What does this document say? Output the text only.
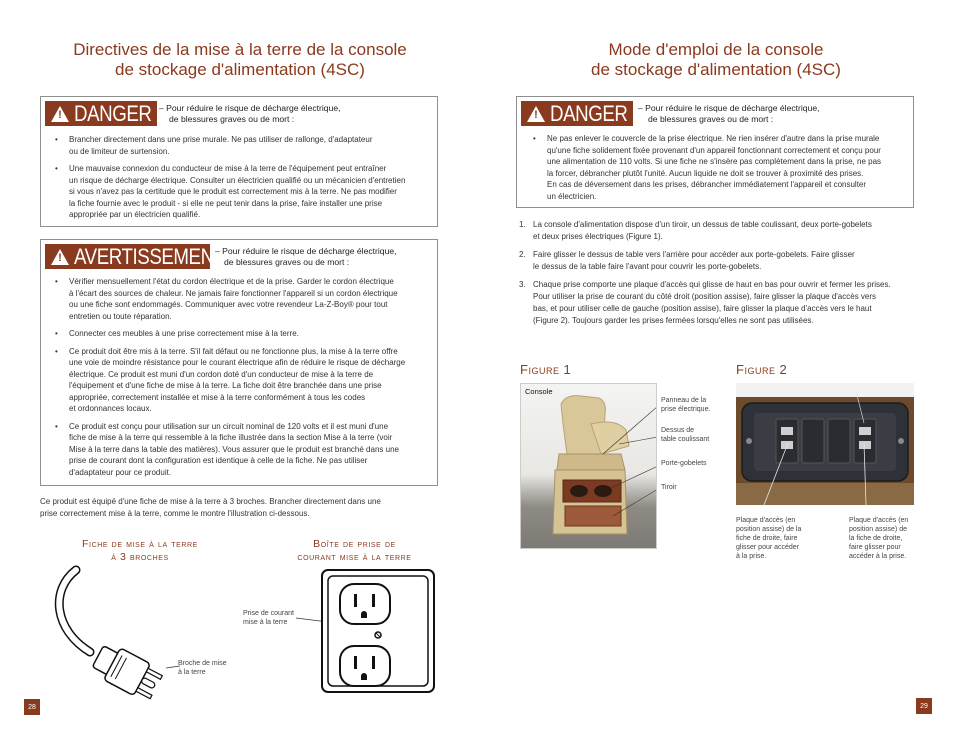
Directives de la mise à la terre de la console
de stockage d'alimentation (4SC)
! DANGER – Pour réduire le risque de décharge électrique,
de blessures graves ou de mort :
• Brancher directement dans une prise murale. Ne pas utiliser de rallonge, d'adaptateur
ou de limiteur de surtension.
• Une mauvaise connexion du conducteur de mise à la terre de l'équipement peut entraîner
un risque de décharge électrique. Consulter un électricien qualifié ou un mécanicien d'entretien
si vous n'avez pas la certitude que le produit est correctement mis à la terre. Ne pas modifier
la fiche fournie avec le produit - si elle ne peut tenir dans la prise, faire installer une prise
appropriée par un électricien qualifié.
! AVERTISSEMENT
– Pour réduire le risque de décharge électrique,
de blessures graves ou de mort :
• Vérifier mensuellement l'état du cordon électrique et de la prise. Garder le cordon électrique
à l'écart des sources de chaleur. Ne jamais faire fonctionner l'appareil si un cordon électrique
ou une fiche sont endommagés. Communiquer avec votre revendeur La-Z-Boy® pour tout
entretien ou toute réparation.
• Connecter ces meubles à une prise correctement mise à la terre.
• Ce produit doit être mis à la terre. S'il fait défaut ou ne fonctionne plus, la mise à la terre offre
une voie de moindre résistance pour le courant électrique afin de réduire le risque de décharge
électrique. Ce produit est muni d'un cordon doté d'un conducteur de mise à la terre de
l'équipement et d'une fiche de mise à la terre. La fiche doit être branchée dans une prise
appropriée, correctement installée et mise à la terre conformément à tous les codes
et ordonnances locaux.
• Ce produit est conçu pour utilisation sur un circuit nominal de 120 volts et il est muni d'une
fiche de mise à la terre qui ressemble à la fiche illustrée dans la section Mise à la terre (voir
Mise à la terre dans la table des matières). Vous assurer que le produit est branché dans une
prise de courant dont la configuration est identique à celle de la fiche. Ne pas utiliser
d'adaptateur pour ce produit.
Ce produit est équipé d'une fiche de mise à la terre à 3 broches. Brancher directement dans une
prise correctement mise à la terre, comme le montre l'illustration ci-dessous.
Fiche de mise à la terre
à 3 broches
Boîte de prise de
courant mise à la terre
Broche de mise
à la terre
Prise de courant
mise à la terre
28
Mode d'emploi de la console
de stockage d'alimentation (4SC)
! DANGER – Pour réduire le risque de décharge électrique,
de blessures graves ou de mort :
• Ne pas enlever le couvercle de la prise électrique. Ne rien insérer d'autre dans la prise murale
qu'une fiche solidement fixée provenant d'un appareil fonctionnant correctement et conçu pour
une alimentation de 110 volts. Si une fiche ne s'insère pas complètement dans la prise, ne pas
la forcer, débrancher plutôt l'unité. Aucun liquide ne doit se trouver à proximité des prises.
En cas de déversement dans les prises, débrancher immédiatement l'appareil et consulter
un électricien.
1. La console d'alimentation dispose d'un tiroir, un dessus de table coulissant, deux porte-gobelets
et deux prises électriques (Figure 1).
2. Faire glisser le dessus de table vers l'arrière pour accéder aux porte-gobelets. Faire glisser
le dessus de la table faire l'avant pour couvrir les porte-gobelets.
3. Chaque prise comporte une plaque d'accès qui glisse de haut en bas pour ouvrir et fermer les prises.
Pour utiliser la prise de courant du côté droit (position assise), faire glisser la plaque d'accès vers
bas, et pour utiliser celle de gauche (position assise), faire glisser la plaque d'accès vers le haut
(Figure 2). Toujours garder les prises fermées lorsqu'elles ne sont pas utilisées.
Figure 1
Console
Panneau de la
prise électrique.
Dessus de
table coulissant
Porte-gobelets
Tiroir
Figure 2
Plaque d'accès (en
position assise) de la
fiche de droite, faire
glisser pour accéder
à la prise.
Plaque d'accès (en
position assise) de
la fiche de droite,
faire glisser pour
accéder à la prise.
29
